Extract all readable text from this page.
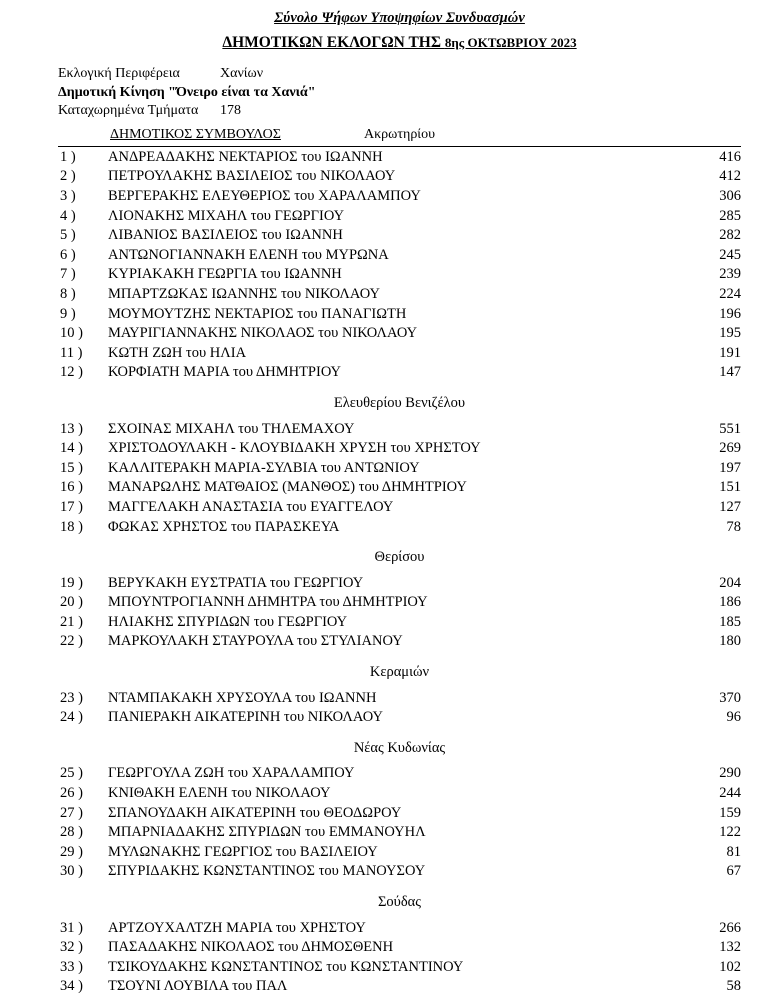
Σύνολο Ψήφων Υποψηφίων Συνδυασμών
ΔΗΜΟΤΙΚΩΝ ΕΚΛΟΓΩΝ ΤΗΣ 8ης ΟΚΤΩΒΡΙΟΥ 2023
Εκλογική Περιφέρεια	Χανίων
Δημοτική Κίνηση "Όνειρο είναι τα Χανιά"
Καταχωρημένα Τμήματα	178
ΔΗΜΟΤΙΚΟΣ ΣΥΜΒΟΥΛΟΣ	Ακρωτηρίου
1 )	ΑΝΔΡΕΑΔΑΚΗΣ ΝΕΚΤΑΡΙΟΣ του ΙΩΑΝΝΗ	416
2 )	ΠΕΤΡΟΥΛΑΚΗΣ ΒΑΣΙΛΕΙΟΣ του ΝΙΚΟΛΑΟΥ	412
3 )	ΒΕΡΓΕΡΑΚΗΣ ΕΛΕΥΘΕΡΙΟΣ του ΧΑΡΑΛΑΜΠΟΥ	306
4 )	ΛΙΟΝΑΚΗΣ ΜΙΧΑΗΛ του ΓΕΩΡΓΙΟΥ	285
5 )	ΛΙΒΑΝΙΟΣ ΒΑΣΙΛΕΙΟΣ του ΙΩΑΝΝΗ	282
6 )	ΑΝΤΩΝΟΓΙΑΝΝΑΚΗ ΕΛΕΝΗ του ΜΥΡΩΝΑ	245
7 )	ΚΥΡΙΑΚΑΚΗ ΓΕΩΡΓΙΑ του ΙΩΑΝΝΗ	239
8 )	ΜΠΑΡΤΖΩΚΑΣ ΙΩΑΝΝΗΣ του ΝΙΚΟΛΑΟΥ	224
9 )	ΜΟΥΜΟΥΤΖΗΣ ΝΕΚΤΑΡΙΟΣ του ΠΑΝΑΓΙΩΤΗ	196
10 )	ΜΑΥΡΙΓΙΑΝΝΑΚΗΣ ΝΙΚΟΛΑΟΣ του ΝΙΚΟΛΑΟΥ	195
11 )	ΚΩΤΗ ΖΩΗ του ΗΛΙΑ	191
12 )	ΚΟΡΦΙΑΤΗ ΜΑΡΙΑ του ΔΗΜΗΤΡΙΟΥ	147
Ελευθερίου Βενιζέλου
13 )	ΣΧΟΙΝΑΣ ΜΙΧΑΗΛ του ΤΗΛΕΜΑΧΟΥ	551
14 )	ΧΡΙΣΤΟΔΟΥΛΑΚΗ - ΚΛΟΥΒΙΔΑΚΗ ΧΡΥΣΗ του ΧΡΗΣΤΟΥ	269
15 )	ΚΑΛΛΙΤΕΡΑΚΗ ΜΑΡΙΑ-ΣΥΛΒΙΑ του ΑΝΤΩΝΙΟΥ	197
16 )	ΜΑΝΑΡΩΛΗΣ ΜΑΤΘΑΙΟΣ (ΜΑΝΘΟΣ) του ΔΗΜΗΤΡΙΟΥ	151
17 )	ΜΑΓΓΕΛΑΚΗ ΑΝΑΣΤΑΣΙΑ του ΕΥΑΓΓΕΛΟΥ	127
18 )	ΦΩΚΑΣ ΧΡΗΣΤΟΣ του ΠΑΡΑΣΚΕΥΑ	78
Θερίσου
19 )	ΒΕΡΥΚΑΚΗ ΕΥΣΤΡΑΤΙΑ του ΓΕΩΡΓΙΟΥ	204
20 )	ΜΠΟΥΝΤΡΟΓΙΑΝΝΗ ΔΗΜΗΤΡΑ του ΔΗΜΗΤΡΙΟΥ	186
21 )	ΗΛΙΑΚΗΣ ΣΠΥΡΙΔΩΝ του ΓΕΩΡΓΙΟΥ	185
22 )	ΜΑΡΚΟΥΛΑΚΗ ΣΤΑΥΡΟΥΛΑ του ΣΤΥΛΙΑΝΟΥ	180
Κεραμιών
23 )	ΝΤΑΜΠΑΚΑΚΗ ΧΡΥΣΟΥΛΑ του ΙΩΑΝΝΗ	370
24 )	ΠΑΝΙΕΡΑΚΗ ΑΙΚΑΤΕΡΙΝΗ του ΝΙΚΟΛΑΟΥ	96
Νέας Κυδωνίας
25 )	ΓΕΩΡΓΟΥΛΑ ΖΩΗ του ΧΑΡΑΛΑΜΠΟΥ	290
26 )	ΚΝΙΘΑΚΗ ΕΛΕΝΗ του ΝΙΚΟΛΑΟΥ	244
27 )	ΣΠΑΝΟΥΔΑΚΗ ΑΙΚΑΤΕΡΙΝΗ του ΘΕΟΔΩΡΟΥ	159
28 )	ΜΠΑΡΝΙΑΔΑΚΗΣ ΣΠΥΡΙΔΩΝ του ΕΜΜΑΝΟΥΗΛ	122
29 )	ΜΥΛΩΝΑΚΗΣ ΓΕΩΡΓΙΟΣ του ΒΑΣΙΛΕΙΟΥ	81
30 )	ΣΠΥΡΙΔΑΚΗΣ ΚΩΝΣΤΑΝΤΙΝΟΣ του ΜΑΝΟΥΣΟΥ	67
Σούδας
31 )	ΑΡΤΖΟΥΧΑΛΤΖΗ ΜΑΡΙΑ του ΧΡΗΣΤΟΥ	266
32 )	ΠΑΣΑΔΑΚΗΣ ΝΙΚΟΛΑΟΣ του ΔΗΜΟΣΘΕΝΗ	132
33 )	ΤΣΙΚΟΥΔΑΚΗΣ ΚΩΝΣΤΑΝΤΙΝΟΣ του ΚΩΝΣΤΑΝΤΙΝΟΥ	102
34 )	ΤΣΟΥΝΙ ΛΟΥΒΙΛΑ του ΠΑΛ	58
